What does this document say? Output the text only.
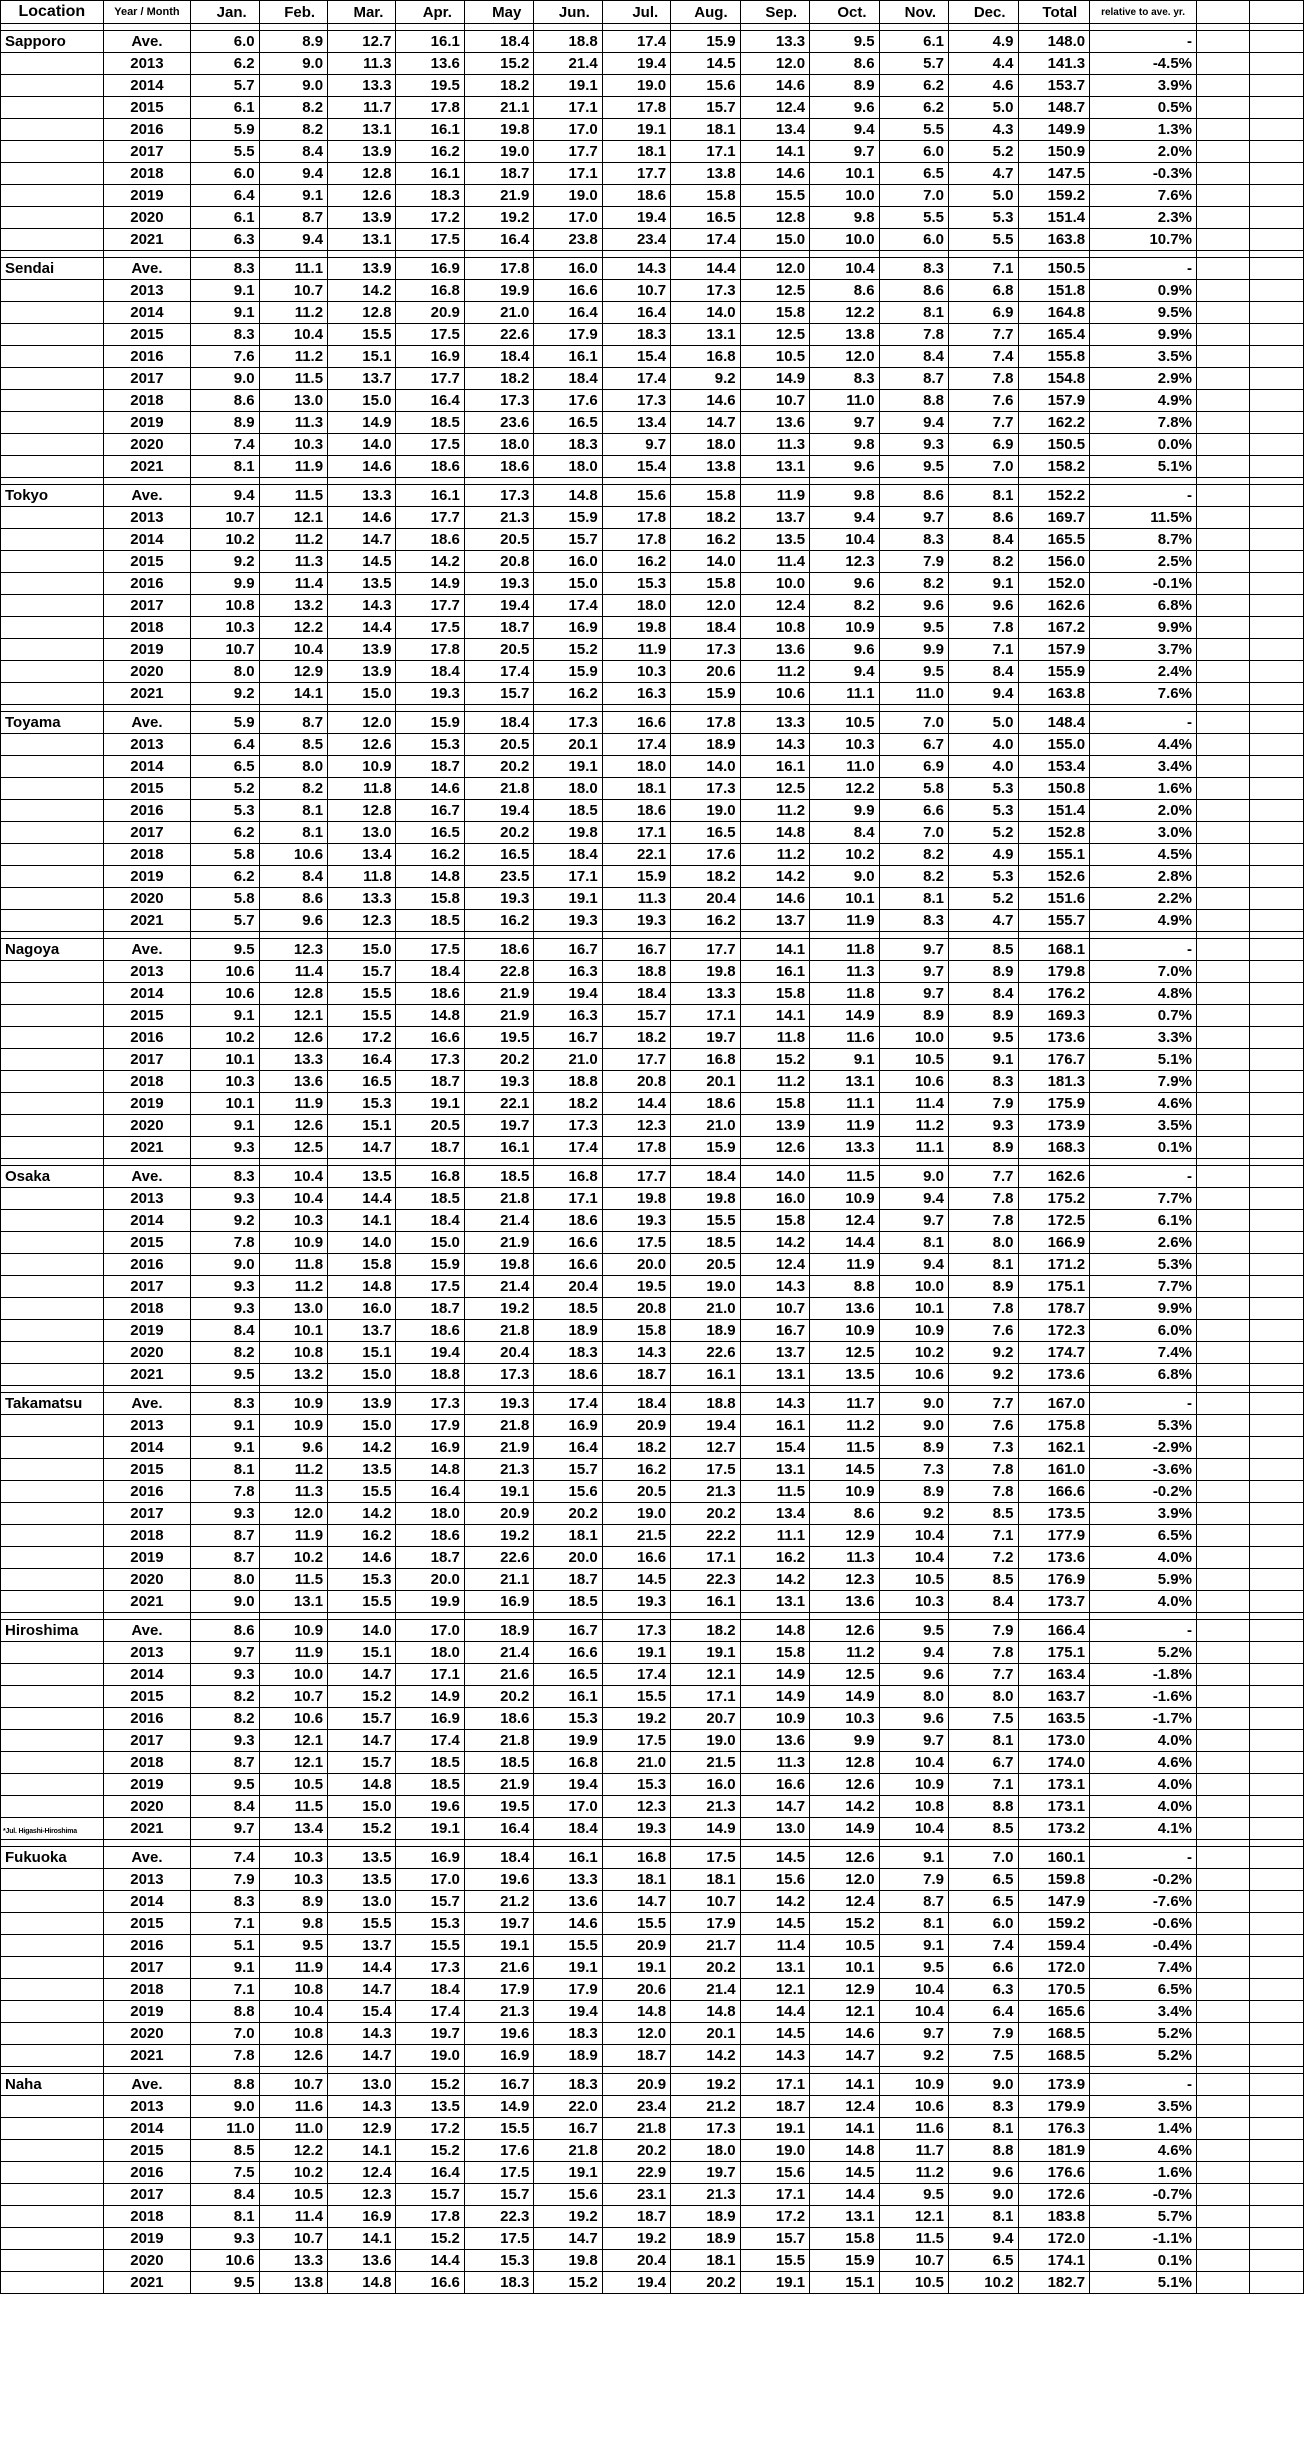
Location	Year / Month	Jan.	Feb.	Mar.	Apr.	May	Jun.	Jul.	Aug.	Sep.	Oct.	Nov.	Dec.	Total	relative to ave. yr.		

Sapporo	Ave.	6.0	8.9	12.7	16.1	18.4	18.8	17.4	15.9	13.3	9.5	6.1	4.9	148.0	-		
	2013	6.2	9.0	11.3	13.6	15.2	21.4	19.4	14.5	12.0	8.6	5.7	4.4	141.3	-4.5%		
	2014	5.7	9.0	13.3	19.5	18.2	19.1	19.0	15.6	14.6	8.9	6.2	4.6	153.7	3.9%		
	2015	6.1	8.2	11.7	17.8	21.1	17.1	17.8	15.7	12.4	9.6	6.2	5.0	148.7	0.5%		
	2016	5.9	8.2	13.1	16.1	19.8	17.0	19.1	18.1	13.4	9.4	5.5	4.3	149.9	1.3%		
	2017	5.5	8.4	13.9	16.2	19.0	17.7	18.1	17.1	14.1	9.7	6.0	5.2	150.9	2.0%		
	2018	6.0	9.4	12.8	16.1	18.7	17.1	17.7	13.8	14.6	10.1	6.5	4.7	147.5	-0.3%		
	2019	6.4	9.1	12.6	18.3	21.9	19.0	18.6	15.8	15.5	10.0	7.0	5.0	159.2	7.6%		
	2020	6.1	8.7	13.9	17.2	19.2	17.0	19.4	16.5	12.8	9.8	5.5	5.3	151.4	2.3%		
	2021	6.3	9.4	13.1	17.5	16.4	23.8	23.4	17.4	15.0	10.0	6.0	5.5	163.8	10.7%		

Sendai	Ave.	8.3	11.1	13.9	16.9	17.8	16.0	14.3	14.4	12.0	10.4	8.3	7.1	150.5	-		
	2013	9.1	10.7	14.2	16.8	19.9	16.6	10.7	17.3	12.5	8.6	8.6	6.8	151.8	0.9%		
	2014	9.1	11.2	12.8	20.9	21.0	16.4	16.4	14.0	15.8	12.2	8.1	6.9	164.8	9.5%		
	2015	8.3	10.4	15.5	17.5	22.6	17.9	18.3	13.1	12.5	13.8	7.8	7.7	165.4	9.9%		
	2016	7.6	11.2	15.1	16.9	18.4	16.1	15.4	16.8	10.5	12.0	8.4	7.4	155.8	3.5%		
	2017	9.0	11.5	13.7	17.7	18.2	18.4	17.4	9.2	14.9	8.3	8.7	7.8	154.8	2.9%		
	2018	8.6	13.0	15.0	16.4	17.3	17.6	17.3	14.6	10.7	11.0	8.8	7.6	157.9	4.9%		
	2019	8.9	11.3	14.9	18.5	23.6	16.5	13.4	14.7	13.6	9.7	9.4	7.7	162.2	7.8%		
	2020	7.4	10.3	14.0	17.5	18.0	18.3	9.7	18.0	11.3	9.8	9.3	6.9	150.5	0.0%		
	2021	8.1	11.9	14.6	18.6	18.6	18.0	15.4	13.8	13.1	9.6	9.5	7.0	158.2	5.1%		

Tokyo	Ave.	9.4	11.5	13.3	16.1	17.3	14.8	15.6	15.8	11.9	9.8	8.6	8.1	152.2	-		
	2013	10.7	12.1	14.6	17.7	21.3	15.9	17.8	18.2	13.7	9.4	9.7	8.6	169.7	11.5%		
	2014	10.2	11.2	14.7	18.6	20.5	15.7	17.8	16.2	13.5	10.4	8.3	8.4	165.5	8.7%		
	2015	9.2	11.3	14.5	14.2	20.8	16.0	16.2	14.0	11.4	12.3	7.9	8.2	156.0	2.5%		
	2016	9.9	11.4	13.5	14.9	19.3	15.0	15.3	15.8	10.0	9.6	8.2	9.1	152.0	-0.1%		
	2017	10.8	13.2	14.3	17.7	19.4	17.4	18.0	12.0	12.4	8.2	9.6	9.6	162.6	6.8%		
	2018	10.3	12.2	14.4	17.5	18.7	16.9	19.8	18.4	10.8	10.9	9.5	7.8	167.2	9.9%		
	2019	10.7	10.4	13.9	17.8	20.5	15.2	11.9	17.3	13.6	9.6	9.9	7.1	157.9	3.7%		
	2020	8.0	12.9	13.9	18.4	17.4	15.9	10.3	20.6	11.2	9.4	9.5	8.4	155.9	2.4%		
	2021	9.2	14.1	15.0	19.3	15.7	16.2	16.3	15.9	10.6	11.1	11.0	9.4	163.8	7.6%		

Toyama	Ave.	5.9	8.7	12.0	15.9	18.4	17.3	16.6	17.8	13.3	10.5	7.0	5.0	148.4	-		
	2013	6.4	8.5	12.6	15.3	20.5	20.1	17.4	18.9	14.3	10.3	6.7	4.0	155.0	4.4%		
	2014	6.5	8.0	10.9	18.7	20.2	19.1	18.0	14.0	16.1	11.0	6.9	4.0	153.4	3.4%		
	2015	5.2	8.2	11.8	14.6	21.8	18.0	18.1	17.3	12.5	12.2	5.8	5.3	150.8	1.6%		
	2016	5.3	8.1	12.8	16.7	19.4	18.5	18.6	19.0	11.2	9.9	6.6	5.3	151.4	2.0%		
	2017	6.2	8.1	13.0	16.5	20.2	19.8	17.1	16.5	14.8	8.4	7.0	5.2	152.8	3.0%		
	2018	5.8	10.6	13.4	16.2	16.5	18.4	22.1	17.6	11.2	10.2	8.2	4.9	155.1	4.5%		
	2019	6.2	8.4	11.8	14.8	23.5	17.1	15.9	18.2	14.2	9.0	8.2	5.3	152.6	2.8%		
	2020	5.8	8.6	13.3	15.8	19.3	19.1	11.3	20.4	14.6	10.1	8.1	5.2	151.6	2.2%		
	2021	5.7	9.6	12.3	18.5	16.2	19.3	19.3	16.2	13.7	11.9	8.3	4.7	155.7	4.9%		

Nagoya	Ave.	9.5	12.3	15.0	17.5	18.6	16.7	16.7	17.7	14.1	11.8	9.7	8.5	168.1	-		
	2013	10.6	11.4	15.7	18.4	22.8	16.3	18.8	19.8	16.1	11.3	9.7	8.9	179.8	7.0%		
	2014	10.6	12.8	15.5	18.6	21.9	19.4	18.4	13.3	15.8	11.8	9.7	8.4	176.2	4.8%		
	2015	9.1	12.1	15.5	14.8	21.9	16.3	15.7	17.1	14.1	14.9	8.9	8.9	169.3	0.7%		
	2016	10.2	12.6	17.2	16.6	19.5	16.7	18.2	19.7	11.8	11.6	10.0	9.5	173.6	3.3%		
	2017	10.1	13.3	16.4	17.3	20.2	21.0	17.7	16.8	15.2	9.1	10.5	9.1	176.7	5.1%		
	2018	10.3	13.6	16.5	18.7	19.3	18.8	20.8	20.1	11.2	13.1	10.6	8.3	181.3	7.9%		
	2019	10.1	11.9	15.3	19.1	22.1	18.2	14.4	18.6	15.8	11.1	11.4	7.9	175.9	4.6%		
	2020	9.1	12.6	15.1	20.5	19.7	17.3	12.3	21.0	13.9	11.9	11.2	9.3	173.9	3.5%		
	2021	9.3	12.5	14.7	18.7	16.1	17.4	17.8	15.9	12.6	13.3	11.1	8.9	168.3	0.1%		

Osaka	Ave.	8.3	10.4	13.5	16.8	18.5	16.8	17.7	18.4	14.0	11.5	9.0	7.7	162.6	-		
	2013	9.3	10.4	14.4	18.5	21.8	17.1	19.8	19.8	16.0	10.9	9.4	7.8	175.2	7.7%		
	2014	9.2	10.3	14.1	18.4	21.4	18.6	19.3	15.5	15.8	12.4	9.7	7.8	172.5	6.1%		
	2015	7.8	10.9	14.0	15.0	21.9	16.6	17.5	18.5	14.2	14.4	8.1	8.0	166.9	2.6%		
	2016	9.0	11.8	15.8	15.9	19.8	16.6	20.0	20.5	12.4	11.9	9.4	8.1	171.2	5.3%		
	2017	9.3	11.2	14.8	17.5	21.4	20.4	19.5	19.0	14.3	8.8	10.0	8.9	175.1	7.7%		
	2018	9.3	13.0	16.0	18.7	19.2	18.5	20.8	21.0	10.7	13.6	10.1	7.8	178.7	9.9%		
	2019	8.4	10.1	13.7	18.6	21.8	18.9	15.8	18.9	16.7	10.9	10.9	7.6	172.3	6.0%		
	2020	8.2	10.8	15.1	19.4	20.4	18.3	14.3	22.6	13.7	12.5	10.2	9.2	174.7	7.4%		
	2021	9.5	13.2	15.0	18.8	17.3	18.6	18.7	16.1	13.1	13.5	10.6	9.2	173.6	6.8%		

Takamatsu	Ave.	8.3	10.9	13.9	17.3	19.3	17.4	18.4	18.8	14.3	11.7	9.0	7.7	167.0	-		
	2013	9.1	10.9	15.0	17.9	21.8	16.9	20.9	19.4	16.1	11.2	9.0	7.6	175.8	5.3%		
	2014	9.1	9.6	14.2	16.9	21.9	16.4	18.2	12.7	15.4	11.5	8.9	7.3	162.1	-2.9%		
	2015	8.1	11.2	13.5	14.8	21.3	15.7	16.2	17.5	13.1	14.5	7.3	7.8	161.0	-3.6%		
	2016	7.8	11.3	15.5	16.4	19.1	15.6	20.5	21.3	11.5	10.9	8.9	7.8	166.6	-0.2%		
	2017	9.3	12.0	14.2	18.0	20.9	20.2	19.0	20.2	13.4	8.6	9.2	8.5	173.5	3.9%		
	2018	8.7	11.9	16.2	18.6	19.2	18.1	21.5	22.2	11.1	12.9	10.4	7.1	177.9	6.5%		
	2019	8.7	10.2	14.6	18.7	22.6	20.0	16.6	17.1	16.2	11.3	10.4	7.2	173.6	4.0%		
	2020	8.0	11.5	15.3	20.0	21.1	18.7	14.5	22.3	14.2	12.3	10.5	8.5	176.9	5.9%		
	2021	9.0	13.1	15.5	19.9	16.9	18.5	19.3	16.1	13.1	13.6	10.3	8.4	173.7	4.0%		

Hiroshima	Ave.	8.6	10.9	14.0	17.0	18.9	16.7	17.3	18.2	14.8	12.6	9.5	7.9	166.4	-		
	2013	9.7	11.9	15.1	18.0	21.4	16.6	19.1	19.1	15.8	11.2	9.4	7.8	175.1	5.2%		
	2014	9.3	10.0	14.7	17.1	21.6	16.5	17.4	12.1	14.9	12.5	9.6	7.7	163.4	-1.8%		
	2015	8.2	10.7	15.2	14.9	20.2	16.1	15.5	17.1	14.9	14.9	8.0	8.0	163.7	-1.6%		
	2016	8.2	10.6	15.7	16.9	18.6	15.3	19.2	20.7	10.9	10.3	9.6	7.5	163.5	-1.7%		
	2017	9.3	12.1	14.7	17.4	21.8	19.9	17.5	19.0	13.6	9.9	9.7	8.1	173.0	4.0%		
	2018	8.7	12.1	15.7	18.5	18.5	16.8	21.0	21.5	11.3	12.8	10.4	6.7	174.0	4.6%		
	2019	9.5	10.5	14.8	18.5	21.9	19.4	15.3	16.0	16.6	12.6	10.9	7.1	173.1	4.0%		
	2020	8.4	11.5	15.0	19.6	19.5	17.0	12.3	21.3	14.7	14.2	10.8	8.8	173.1	4.0%		
*Jul. Higashi-Hiroshima	2021	9.7	13.4	15.2	19.1	16.4	18.4	19.3	14.9	13.0	14.9	10.4	8.5	173.2	4.1%		

Fukuoka	Ave.	7.4	10.3	13.5	16.9	18.4	16.1	16.8	17.5	14.5	12.6	9.1	7.0	160.1	-		
	2013	7.9	10.3	13.5	17.0	19.6	13.3	18.1	18.1	15.6	12.0	7.9	6.5	159.8	-0.2%		
	2014	8.3	8.9	13.0	15.7	21.2	13.6	14.7	10.7	14.2	12.4	8.7	6.5	147.9	-7.6%		
	2015	7.1	9.8	15.5	15.3	19.7	14.6	15.5	17.9	14.5	15.2	8.1	6.0	159.2	-0.6%		
	2016	5.1	9.5	13.7	15.5	19.1	15.5	20.9	21.7	11.4	10.5	9.1	7.4	159.4	-0.4%		
	2017	9.1	11.9	14.4	17.3	21.6	19.1	19.1	20.2	13.1	10.1	9.5	6.6	172.0	7.4%		
	2018	7.1	10.8	14.7	18.4	17.9	17.9	20.6	21.4	12.1	12.9	10.4	6.3	170.5	6.5%		
	2019	8.8	10.4	15.4	17.4	21.3	19.4	14.8	14.8	14.4	12.1	10.4	6.4	165.6	3.4%		
	2020	7.0	10.8	14.3	19.7	19.6	18.3	12.0	20.1	14.5	14.6	9.7	7.9	168.5	5.2%		
	2021	7.8	12.6	14.7	19.0	16.9	18.9	18.7	14.2	14.3	14.7	9.2	7.5	168.5	5.2%		

Naha	Ave.	8.8	10.7	13.0	15.2	16.7	18.3	20.9	19.2	17.1	14.1	10.9	9.0	173.9	-		
	2013	9.0	11.6	14.3	13.5	14.9	22.0	23.4	21.2	18.7	12.4	10.6	8.3	179.9	3.5%		
	2014	11.0	11.0	12.9	17.2	15.5	16.7	21.8	17.3	19.1	14.1	11.6	8.1	176.3	1.4%		
	2015	8.5	12.2	14.1	15.2	17.6	21.8	20.2	18.0	19.0	14.8	11.7	8.8	181.9	4.6%		
	2016	7.5	10.2	12.4	16.4	17.5	19.1	22.9	19.7	15.6	14.5	11.2	9.6	176.6	1.6%		
	2017	8.4	10.5	12.3	15.7	15.7	15.6	23.1	21.3	17.1	14.4	9.5	9.0	172.6	-0.7%		
	2018	8.1	11.4	16.9	17.8	22.3	19.2	18.7	18.9	17.2	13.1	12.1	8.1	183.8	5.7%		
	2019	9.3	10.7	14.1	15.2	17.5	14.7	19.2	18.9	15.7	15.8	11.5	9.4	172.0	-1.1%		
	2020	10.6	13.3	13.6	14.4	15.3	19.8	20.4	18.1	15.5	15.9	10.7	6.5	174.1	0.1%		
	2021	9.5	13.8	14.8	16.6	18.3	15.2	19.4	20.2	19.1	15.1	10.5	10.2	182.7	5.1%		
